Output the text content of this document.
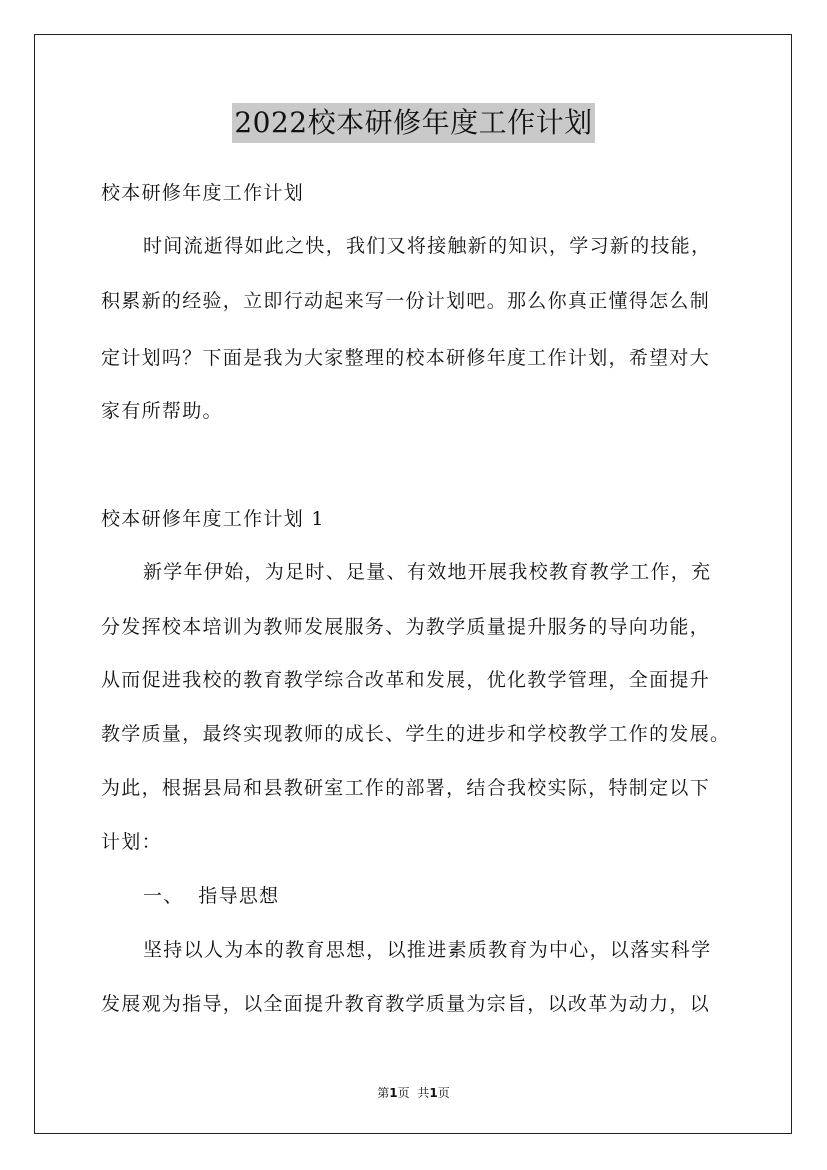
2022校本研修年度工作计划
校本研修年度工作计划
时间流逝得如此之快，我们又将接触新的知识，学习新的技能，
积累新的经验，立即行动起来写一份计划吧。那么你真正懂得怎么制
定计划吗？下面是我为大家整理的校本研修年度工作计划，希望对大
家有所帮助。
校本研修年度工作计划 1
新学年伊始，为足时、足量、有效地开展我校教育教学工作，充
分发挥校本培训为教师发展服务、为教学质量提升服务的导向功能，
从而促进我校的教育教学综合改革和发展，优化教学管理，全面提升
教学质量，最终实现教师的成长、学生的进步和学校教学工作的发展。
为此，根据县局和县教研室工作的部署，结合我校实际，特制定以下
计划：
一、  指导思想
坚持以人为本的教育思想，以推进素质教育为中心，以落实科学
发展观为指导，以全面提升教育教学质量为宗旨，以改革为动力，以
第1页 共1页
